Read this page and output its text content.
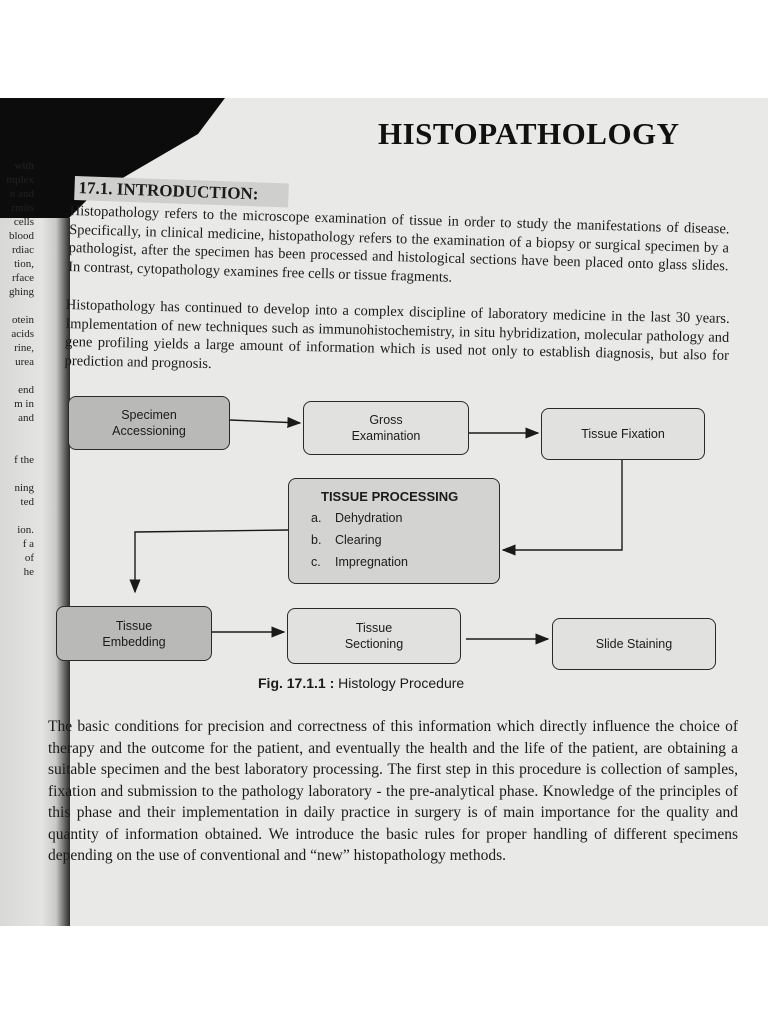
with
mplex
n and
rmits
cells
blood
rdiac
tion,
rface
ghing
otein
acids
rine,
urea
end
m in
and
f the
ning
ted
ion.
f a
of
he
HISTOPATHOLOGY
17.1. INTRODUCTION:

Histopathology refers to the microscope examination of tissue in order to study the manifestations of disease. Specifically, in clinical medicine, histopathology refers to the examination of a biopsy or surgical specimen by a pathologist, after the specimen has been processed and histological sections have been placed onto glass slides. In contrast, cytopathology examines free cells or tissue fragments.

Histopathology has continued to develop into a complex discipline of laboratory medicine in the last 30 years. Implementation of new techniques such as immunohistochemistry, in situ hybridization, molecular pathology and gene profiling yields a large amount of information which is used not only to establish diagnosis, but also for prediction and prognosis.

Specimen Accessioning
Gross Examination	Tissue Fixation
TISSUE PROCESSING
a. Dehydration
b. Clearing
c. Impregnation
Tissue Embedding
Tissue Sectioning	Slide Staining
Fig. 17.1.1 : Histology Procedure

The basic conditions for precision and correctness of this information which directly influence the choice of therapy and the outcome for the patient, and eventually the health and the life of the patient, are obtaining a suitable specimen and the best laboratory processing. The first step in this procedure is collection of samples, fixation and submission to the pathology laboratory - the pre-analytical phase. Knowledge of the principles of this phase and their implementation in daily practice in surgery is of main importance for the quality and quantity of information obtained. We introduce the basic rules for proper handling of different specimens depending on the use of conventional and “new” histopathology methods.
